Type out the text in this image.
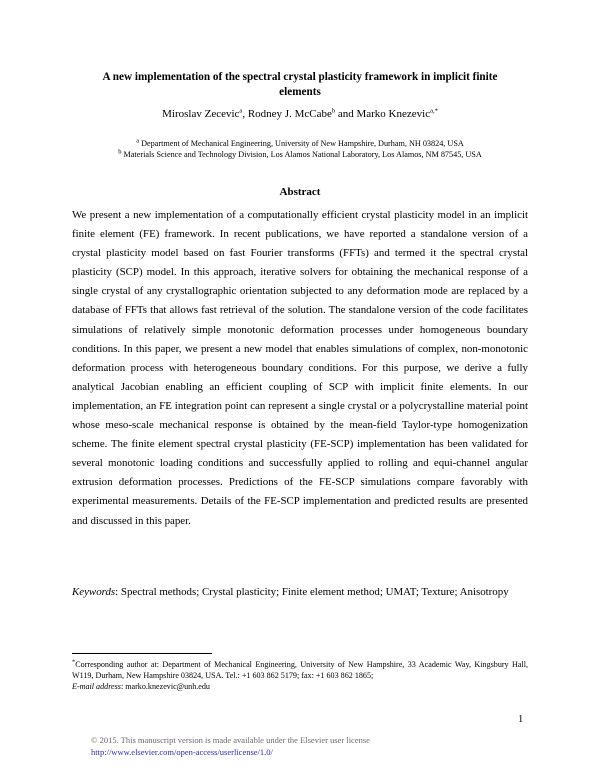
A new implementation of the spectral crystal plasticity framework in implicit finite
elements
Miroslav Zecevic$^a$, Rodney J. McCabe$^b$ and Marko Knezevic$^{a,*}$
$^a$ Department of Mechanical Engineering, University of New Hampshire, Durham, NH 03824, USA
$^b$ Materials Science and Technology Division, Los Alamos National Laboratory, Los Alamos, NM 87545, USA
Abstract

We present a new implementation of a computationally efficient crystal plasticity model in an implicit finite element (FE) framework. In recent publications, we have reported a standalone version of a crystal plasticity model based on fast Fourier transforms (FFTs) and termed it the spectral crystal plasticity (SCP) model. In this approach, iterative solvers for obtaining the mechanical response of a single crystal of any crystallographic orientation subjected to any deformation mode are replaced by a database of FFTs that allows fast retrieval of the solution. The standalone version of the code facilitates simulations of relatively simple monotonic deformation processes under homogeneous boundary conditions. In this paper, we present a new model that enables simulations of complex, non-monotonic deformation process with heterogeneous boundary conditions. For this purpose, we derive a fully analytical Jacobian enabling an efficient coupling of SCP with implicit finite elements. In our implementation, an FE integration point can represent a single crystal or a polycrystalline material point whose meso-scale mechanical response is obtained by the mean-field Taylor-type homogenization scheme. The finite element spectral crystal plasticity (FE-SCP) implementation has been validated for several monotonic loading conditions and successfully applied to rolling and equi-channel angular extrusion deformation processes. Predictions of the FE-SCP simulations compare favorably with experimental measurements. Details of the FE-SCP implementation and predicted results are presented and discussed in this paper.

Keywords: Spectral methods; Crystal plasticity; Finite element method; UMAT; Texture; Anisotropy

*Corresponding author at: Department of Mechanical Engineering, University of New Hampshire, 33 Academic Way, Kingsbury Hall, W119, Durham, New Hampshire 03824, USA. Tel.: +1 603 862 5179; fax: +1 603 862 1865;
E-mail address: marko.knezevic@unh.edu

1
© 2015. This manuscript version is made available under the Elsevier user license
http://www.elsevier.com/open-access/userlicense/1.0/
